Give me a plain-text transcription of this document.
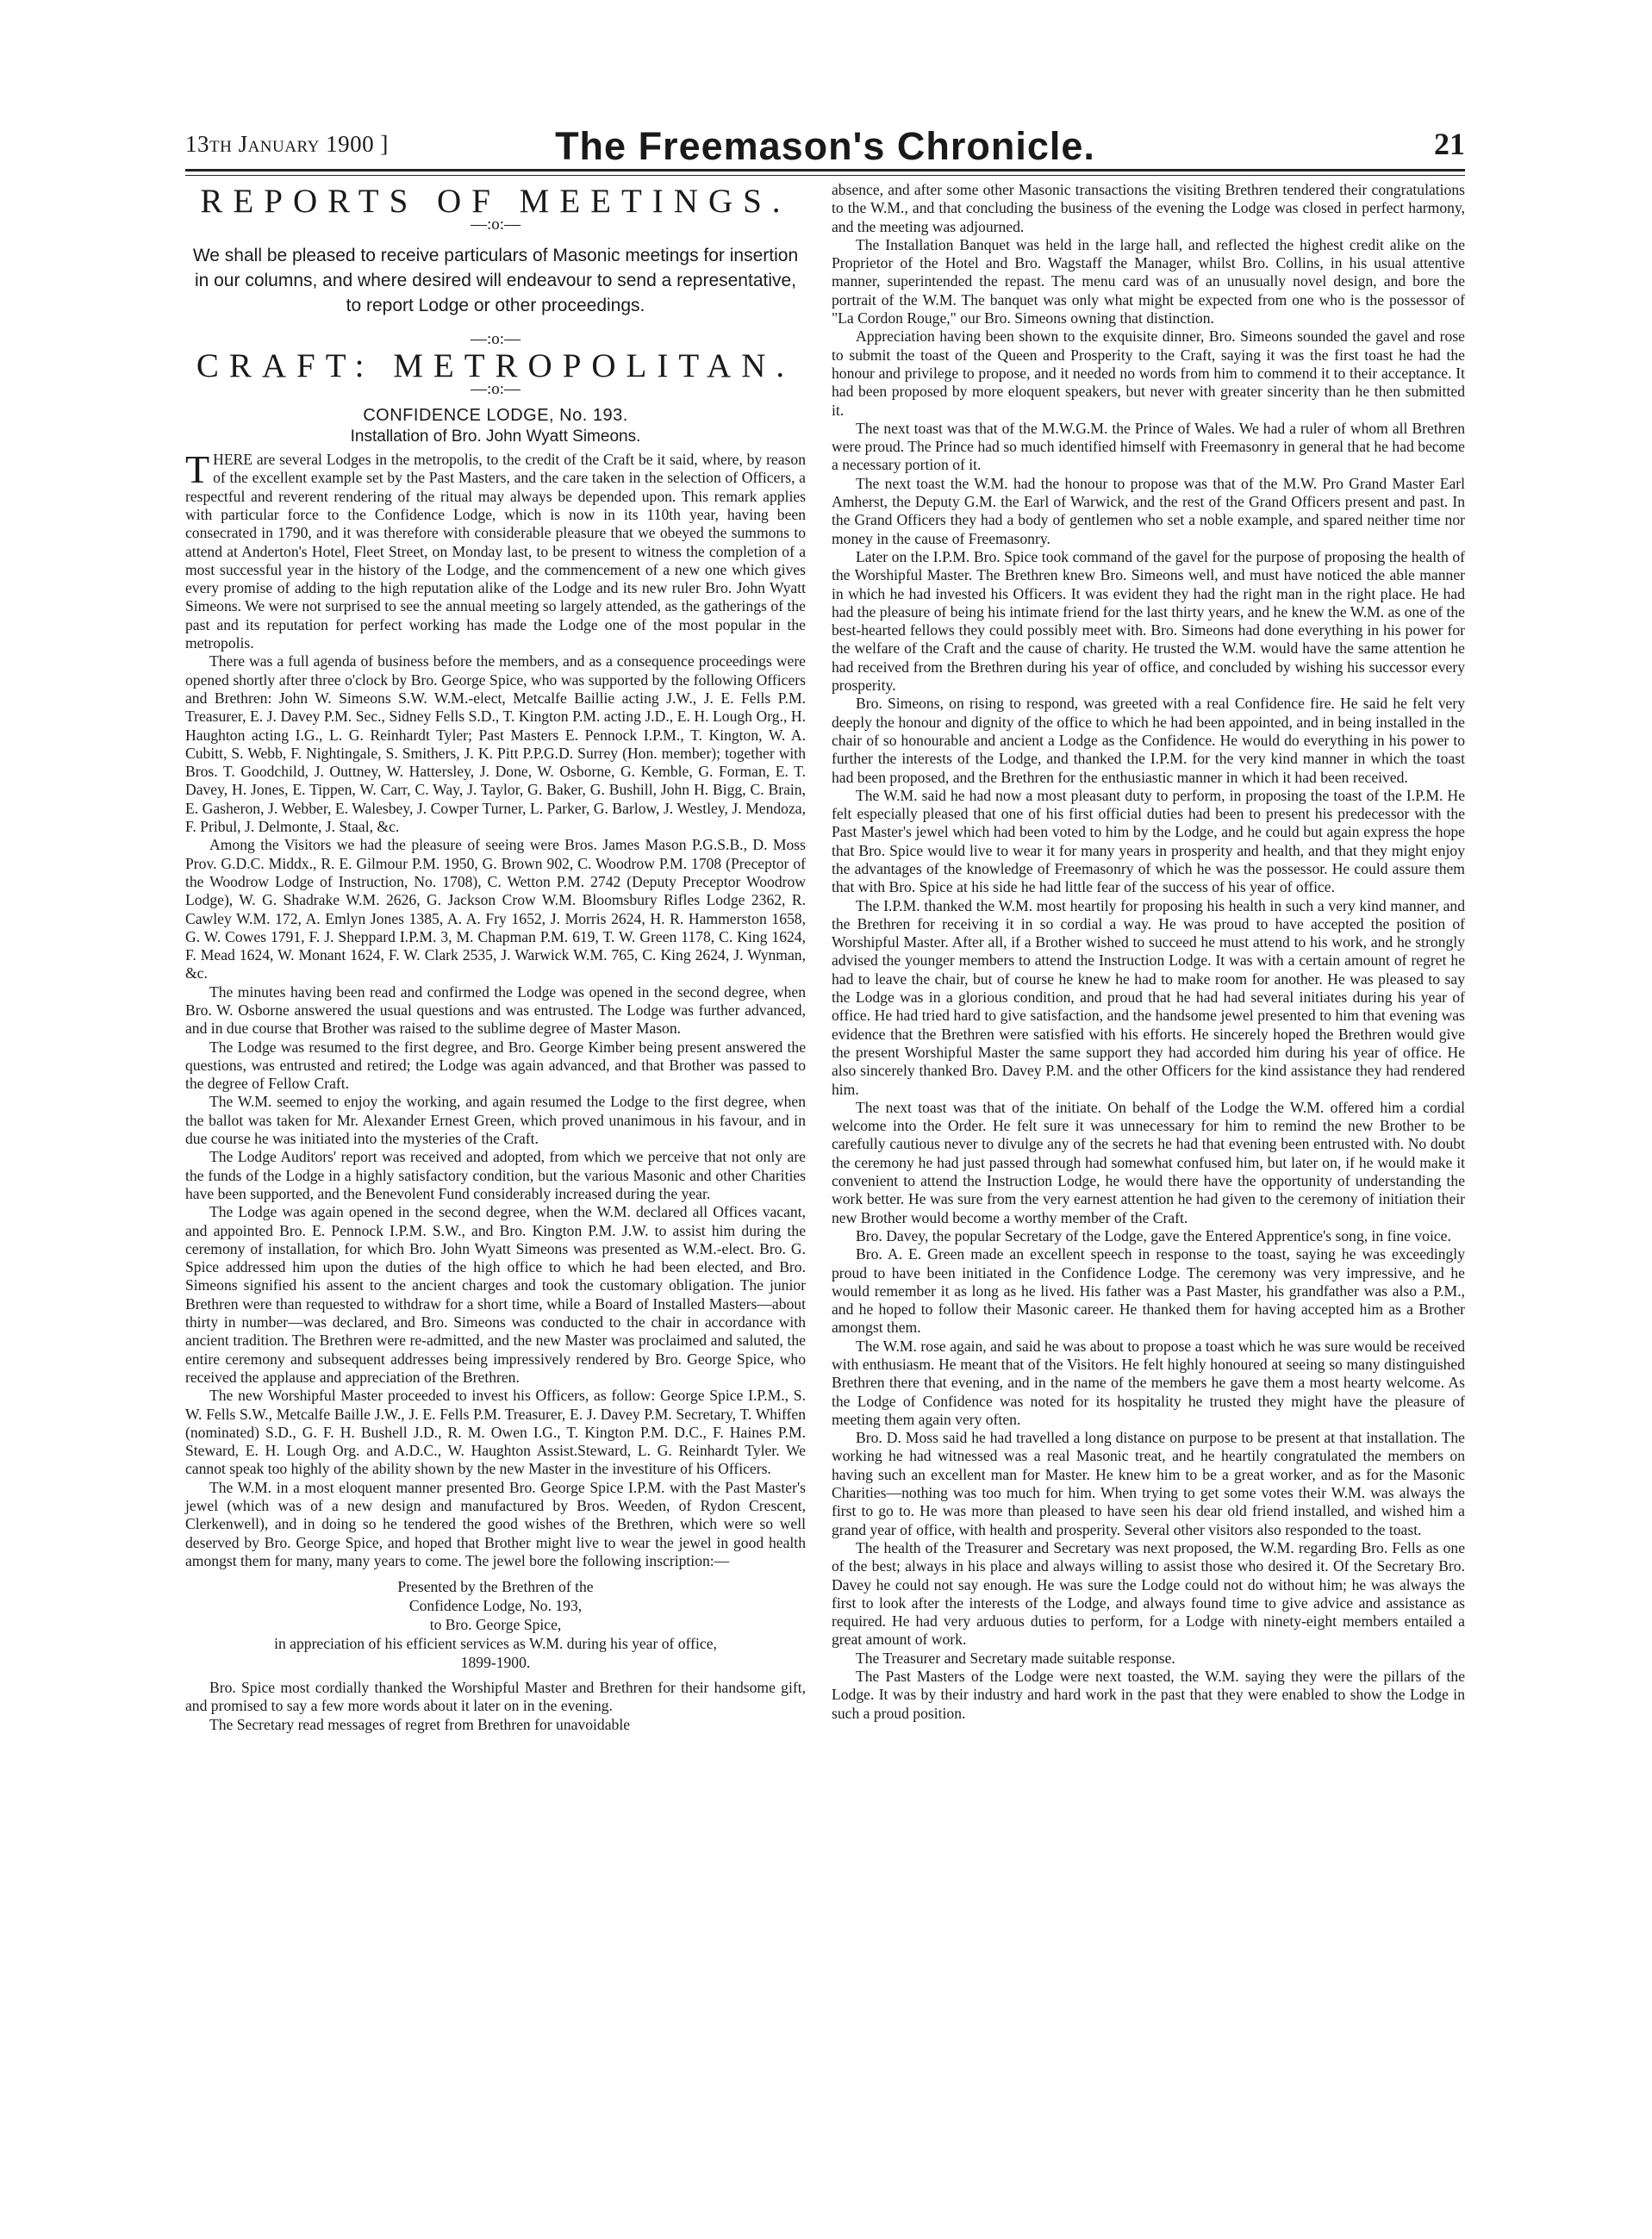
13th January 1900 ]	The Freemason's Chronicle.	21
REPORTS OF MEETINGS.
—:o:—
We shall be pleased to receive particulars of Masonic meetings for insertion in our columns, and where desired will endeavour to send a representative, to report Lodge or other proceedings.
—:o:—
CRAFT: METROPOLITAN.
—:o:—
CONFIDENCE LODGE, No. 193.
Installation of Bro. John Wyatt Simeons.

THERE are several Lodges in the metropolis, to the credit of the Craft be it said, where, by reason of the excellent example set by the Past Masters, and the care taken in the selection of Officers, a respectful and reverent rendering of the ritual may always be depended upon. This remark applies with particular force to the Confidence Lodge, which is now in its 110th year, having been consecrated in 1790, and it was therefore with considerable pleasure that we obeyed the summons to attend at Anderton's Hotel, Fleet Street, on Monday last, to be present to witness the completion of a most successful year in the history of the Lodge, and the commencement of a new one which gives every promise of adding to the high reputation alike of the Lodge and its new ruler Bro. John Wyatt Simeons. We were not surprised to see the annual meeting so largely attended, as the gatherings of the past and its reputation for perfect working has made the Lodge one of the most popular in the metropolis.

There was a full agenda of business before the members, and as a consequence proceedings were opened shortly after three o'clock by Bro. George Spice, who was supported by the following Officers and Brethren: John W. Simeons S.W. W.M.-elect, Metcalfe Baillie acting J.W., J. E. Fells P.M. Treasurer, E. J. Davey P.M. Sec., Sidney Fells S.D., T. Kington P.M. acting J.D., E. H. Lough Org., H. Haughton acting I.G., L. G. Reinhardt Tyler; Past Masters E. Pennock I.P.M., T. Kington, W. A. Cubitt, S. Webb, F. Nightingale, S. Smithers, J. K. Pitt P.P.G.D. Surrey (Hon. member); together with Bros. T. Goodchild, J. Outtney, W. Hattersley, J. Done, W. Osborne, G. Kemble, G. Forman, E. T. Davey, H. Jones, E. Tippen, W. Carr, C. Way, J. Taylor, G. Baker, G. Bushill, John H. Bigg, C. Brain, E. Gasheron, J. Webber, E. Walesbey, J. Cowper Turner, L. Parker, G. Barlow, J. Westley, J. Mendoza, F. Pribul, J. Delmonte, J. Staal, &c.

Among the Visitors we had the pleasure of seeing were Bros. James Mason P.G.S.B., D. Moss Prov. G.D.C. Middx., R. E. Gilmour P.M. 1950, G. Brown 902, C. Woodrow P.M. 1708 (Preceptor of the Woodrow Lodge of Instruction, No. 1708), C. Wetton P.M. 2742 (Deputy Preceptor Woodrow Lodge), W. G. Shadrake W.M. 2626, G. Jackson Crow W.M. Bloomsbury Rifles Lodge 2362, R. Cawley W.M. 172, A. Emlyn Jones 1385, A. A. Fry 1652, J. Morris 2624, H. R. Hammerston 1658, G. W. Cowes 1791, F. J. Sheppard I.P.M. 3, M. Chapman P.M. 619, T. W. Green 1178, C. King 1624, F. Mead 1624, W. Monant 1624, F. W. Clark 2535, J. Warwick W.M. 765, C. King 2624, J. Wynman, &c.

The minutes having been read and confirmed the Lodge was opened in the second degree, when Bro. W. Osborne answered the usual questions and was entrusted. The Lodge was further advanced, and in due course that Brother was raised to the sublime degree of Master Mason.

The Lodge was resumed to the first degree, and Bro. George Kimber being present answered the questions, was entrusted and retired; the Lodge was again advanced, and that Brother was passed to the degree of Fellow Craft.

The W.M. seemed to enjoy the working, and again resumed the Lodge to the first degree, when the ballot was taken for Mr. Alexander Ernest Green, which proved unanimous in his favour, and in due course he was initiated into the mysteries of the Craft.

The Lodge Auditors' report was received and adopted, from which we perceive that not only are the funds of the Lodge in a highly satisfactory condition, but the various Masonic and other Charities have been supported, and the Benevolent Fund considerably increased during the year.

The Lodge was again opened in the second degree, when the W.M. declared all Offices vacant, and appointed Bro. E. Pennock I.P.M. S.W., and Bro. Kington P.M. J.W. to assist him during the ceremony of installation, for which Bro. John Wyatt Simeons was presented as W.M.-elect. Bro. G. Spice addressed him upon the duties of the high office to which he had been elected, and Bro. Simeons signified his assent to the ancient charges and took the customary obligation. The junior Brethren were than requested to withdraw for a short time, while a Board of Installed Masters—about thirty in number—was declared, and Bro. Simeons was conducted to the chair in accordance with ancient tradition. The Brethren were re-admitted, and the new Master was proclaimed and saluted, the entire ceremony and subsequent addresses being impressively rendered by Bro. George Spice, who received the applause and appreciation of the Brethren.

The new Worshipful Master proceeded to invest his Officers, as follow: George Spice I.P.M., S. W. Fells S.W., Metcalfe Baille J.W., J. E. Fells P.M. Treasurer, E. J. Davey P.M. Secretary, T. Whiffen (nominated) S.D., G. F. H. Bushell J.D., R. M. Owen I.G., T. Kington P.M. D.C., F. Haines P.M. Steward, E. H. Lough Org. and A.D.C., W. Haughton Assist.Steward, L. G. Reinhardt Tyler. We cannot speak too highly of the ability shown by the new Master in the investiture of his Officers.

The W.M. in a most eloquent manner presented Bro. George Spice I.P.M. with the Past Master's jewel (which was of a new design and manufactured by Bros. Weeden, of Rydon Crescent, Clerkenwell), and in doing so he tendered the good wishes of the Brethren, which were so well deserved by Bro. George Spice, and hoped that Brother might live to wear the jewel in good health amongst them for many, many years to come. The jewel bore the following inscription:—

Presented by the Brethren of the
Confidence Lodge, No. 193,
to Bro. George Spice,
in appreciation of his efficient services as W.M. during his year of office,
1899-1900.

Bro. Spice most cordially thanked the Worshipful Master and Brethren for their handsome gift, and promised to say a few more words about it later on in the evening.

The Secretary read messages of regret from Brethren for unavoidable

absence, and after some other Masonic transactions the visiting Brethren tendered their congratulations to the W.M., and that concluding the business of the evening the Lodge was closed in perfect harmony, and the meeting was adjourned.

The Installation Banquet was held in the large hall, and reflected the highest credit alike on the Proprietor of the Hotel and Bro. Wagstaff the Manager, whilst Bro. Collins, in his usual attentive manner, superintended the repast. The menu card was of an unusually novel design, and bore the portrait of the W.M. The banquet was only what might be expected from one who is the possessor of "La Cordon Rouge," our Bro. Simeons owning that distinction.

Appreciation having been shown to the exquisite dinner, Bro. Simeons sounded the gavel and rose to submit the toast of the Queen and Prosperity to the Craft, saying it was the first toast he had the honour and privilege to propose, and it needed no words from him to commend it to their acceptance. It had been proposed by more eloquent speakers, but never with greater sincerity than he then submitted it.

The next toast was that of the M.W.G.M. the Prince of Wales. We had a ruler of whom all Brethren were proud. The Prince had so much identified himself with Freemasonry in general that he had become a necessary portion of it.

The next toast the W.M. had the honour to propose was that of the M.W. Pro Grand Master Earl Amherst, the Deputy G.M. the Earl of Warwick, and the rest of the Grand Officers present and past. In the Grand Officers they had a body of gentlemen who set a noble example, and spared neither time nor money in the cause of Freemasonry.

Later on the I.P.M. Bro. Spice took command of the gavel for the purpose of proposing the health of the Worshipful Master. The Brethren knew Bro. Simeons well, and must have noticed the able manner in which he had invested his Officers. It was evident they had the right man in the right place. He had had the pleasure of being his intimate friend for the last thirty years, and he knew the W.M. as one of the best-hearted fellows they could possibly meet with. Bro. Simeons had done everything in his power for the welfare of the Craft and the cause of charity. He trusted the W.M. would have the same attention he had received from the Brethren during his year of office, and concluded by wishing his successor every prosperity.

Bro. Simeons, on rising to respond, was greeted with a real Confidence fire. He said he felt very deeply the honour and dignity of the office to which he had been appointed, and in being installed in the chair of so honourable and ancient a Lodge as the Confidence. He would do everything in his power to further the interests of the Lodge, and thanked the I.P.M. for the very kind manner in which the toast had been proposed, and the Brethren for the enthusiastic manner in which it had been received.

The W.M. said he had now a most pleasant duty to perform, in proposing the toast of the I.P.M. He felt especially pleased that one of his first official duties had been to present his predecessor with the Past Master's jewel which had been voted to him by the Lodge, and he could but again express the hope that Bro. Spice would live to wear it for many years in prosperity and health, and that they might enjoy the advantages of the knowledge of Freemasonry of which he was the possessor. He could assure them that with Bro. Spice at his side he had little fear of the success of his year of office.

The I.P.M. thanked the W.M. most heartily for proposing his health in such a very kind manner, and the Brethren for receiving it in so cordial a way. He was proud to have accepted the position of Worshipful Master. After all, if a Brother wished to succeed he must attend to his work, and he strongly advised the younger members to attend the Instruction Lodge. It was with a certain amount of regret he had to leave the chair, but of course he knew he had to make room for another. He was pleased to say the Lodge was in a glorious condition, and proud that he had had several initiates during his year of office. He had tried hard to give satisfaction, and the handsome jewel presented to him that evening was evidence that the Brethren were satisfied with his efforts. He sincerely hoped the Brethren would give the present Worshipful Master the same support they had accorded him during his year of office. He also sincerely thanked Bro. Davey P.M. and the other Officers for the kind assistance they had rendered him.

The next toast was that of the initiate. On behalf of the Lodge the W.M. offered him a cordial welcome into the Order. He felt sure it was unnecessary for him to remind the new Brother to be carefully cautious never to divulge any of the secrets he had that evening been entrusted with. No doubt the ceremony he had just passed through had somewhat confused him, but later on, if he would make it convenient to attend the Instruction Lodge, he would there have the opportunity of understanding the work better. He was sure from the very earnest attention he had given to the ceremony of initiation their new Brother would become a worthy member of the Craft.

Bro. Davey, the popular Secretary of the Lodge, gave the Entered Apprentice's song, in fine voice.

Bro. A. E. Green made an excellent speech in response to the toast, saying he was exceedingly proud to have been initiated in the Confidence Lodge. The ceremony was very impressive, and he would remember it as long as he lived. His father was a Past Master, his grandfather was also a P.M., and he hoped to follow their Masonic career. He thanked them for having accepted him as a Brother amongst them.

The W.M. rose again, and said he was about to propose a toast which he was sure would be received with enthusiasm. He meant that of the Visitors. He felt highly honoured at seeing so many distinguished Brethren there that evening, and in the name of the members he gave them a most hearty welcome. As the Lodge of Confidence was noted for its hospitality he trusted they might have the pleasure of meeting them again very often.

Bro. D. Moss said he had travelled a long distance on purpose to be present at that installation. The working he had witnessed was a real Masonic treat, and he heartily congratulated the members on having such an excellent man for Master. He knew him to be a great worker, and as for the Masonic Charities—nothing was too much for him. When trying to get some votes their W.M. was always the first to go to. He was more than pleased to have seen his dear old friend installed, and wished him a grand year of office, with health and prosperity. Several other visitors also responded to the toast.

The health of the Treasurer and Secretary was next proposed, the W.M. regarding Bro. Fells as one of the best; always in his place and always willing to assist those who desired it. Of the Secretary Bro. Davey he could not say enough. He was sure the Lodge could not do without him; he was always the first to look after the interests of the Lodge, and always found time to give advice and assistance as required. He had very arduous duties to perform, for a Lodge with ninety-eight members entailed a great amount of work.

The Treasurer and Secretary made suitable response.

The Past Masters of the Lodge were next toasted, the W.M. saying they were the pillars of the Lodge. It was by their industry and hard work in the past that they were enabled to show the Lodge in such a proud position.
